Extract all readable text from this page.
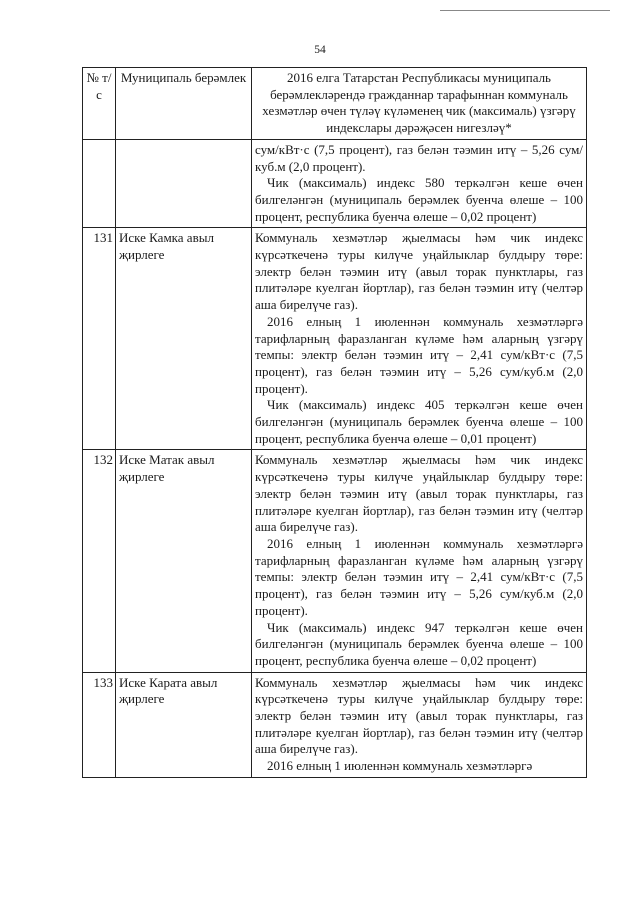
54
№ т/с	Муниципаль берәмлек	2016 елга Татарстан Республикасы муниципаль берәмлекләрендә гражданнар тарафыннан коммуналь хезмәтләр өчен түләү күләменең чик (максималь) үзгәрү индекслары дәрәҗәсен нигезләү*

		сум/кВт·с (7,5 процент), газ белән тәэмин итү – 5,26 сум/куб.м (2,0 процент).

Чик (максималь) индекс 580 теркәлгән кеше өчен билгеләнгән (муниципаль берәмлек буенча өлеше – 100 процент, республика буенча өлеше – 0,02 процент)

131	Иске Камка авыл җирлеге	Коммуналь хезмәтләр җыелмасы һәм чик индекс күрсәткеченә туры килүче уңайлыклар булдыру төре: электр белән тәэмин итү (авыл торак пунктлары, газ плитәләре куелган йортлар), газ белән тәэмин итү (челтәр аша бирелүче газ).

2016 елның 1 июленнән коммуналь хезмәтләргә тарифларның фаразланган күләме һәм аларның үзгәрү темпы: электр белән тәэмин итү – 2,41 сум/кВт·с (7,5 процент), газ белән тәэмин итү – 5,26 сум/куб.м (2,0 процент).

Чик (максималь) индекс 405 теркәлгән кеше өчен билгеләнгән (муниципаль берәмлек буенча өлеше – 100 процент, республика буенча өлеше – 0,01 процент)

132	Иске Матак авыл җирлеге	Коммуналь хезмәтләр җыелмасы һәм чик индекс күрсәткеченә туры килүче уңайлыклар булдыру төре: электр белән тәэмин итү (авыл торак пунктлары, газ плитәләре куелган йортлар), газ белән тәэмин итү (челтәр аша бирелүче газ).

2016 елның 1 июленнән коммуналь хезмәтләргә тарифларның фаразланган күләме һәм аларның үзгәрү темпы: электр белән тәэмин итү – 2,41 сум/кВт·с (7,5 процент), газ белән тәэмин итү – 5,26 сум/куб.м (2,0 процент).

Чик (максималь) индекс 947 теркәлгән кеше өчен билгеләнгән (муниципаль берәмлек буенча өлеше – 100 процент, республика буенча өлеше – 0,02 процент)

133	Иске Карата авыл җирлеге	Коммуналь хезмәтләр җыелмасы һәм чик индекс күрсәткеченә туры килүче уңайлыклар булдыру төре: электр белән тәэмин итү (авыл торак пунктлары, газ плитәләре куелган йортлар), газ белән тәэмин итү (челтәр аша бирелүче газ).

2016 елның 1 июленнән коммуналь хезмәтләргә
